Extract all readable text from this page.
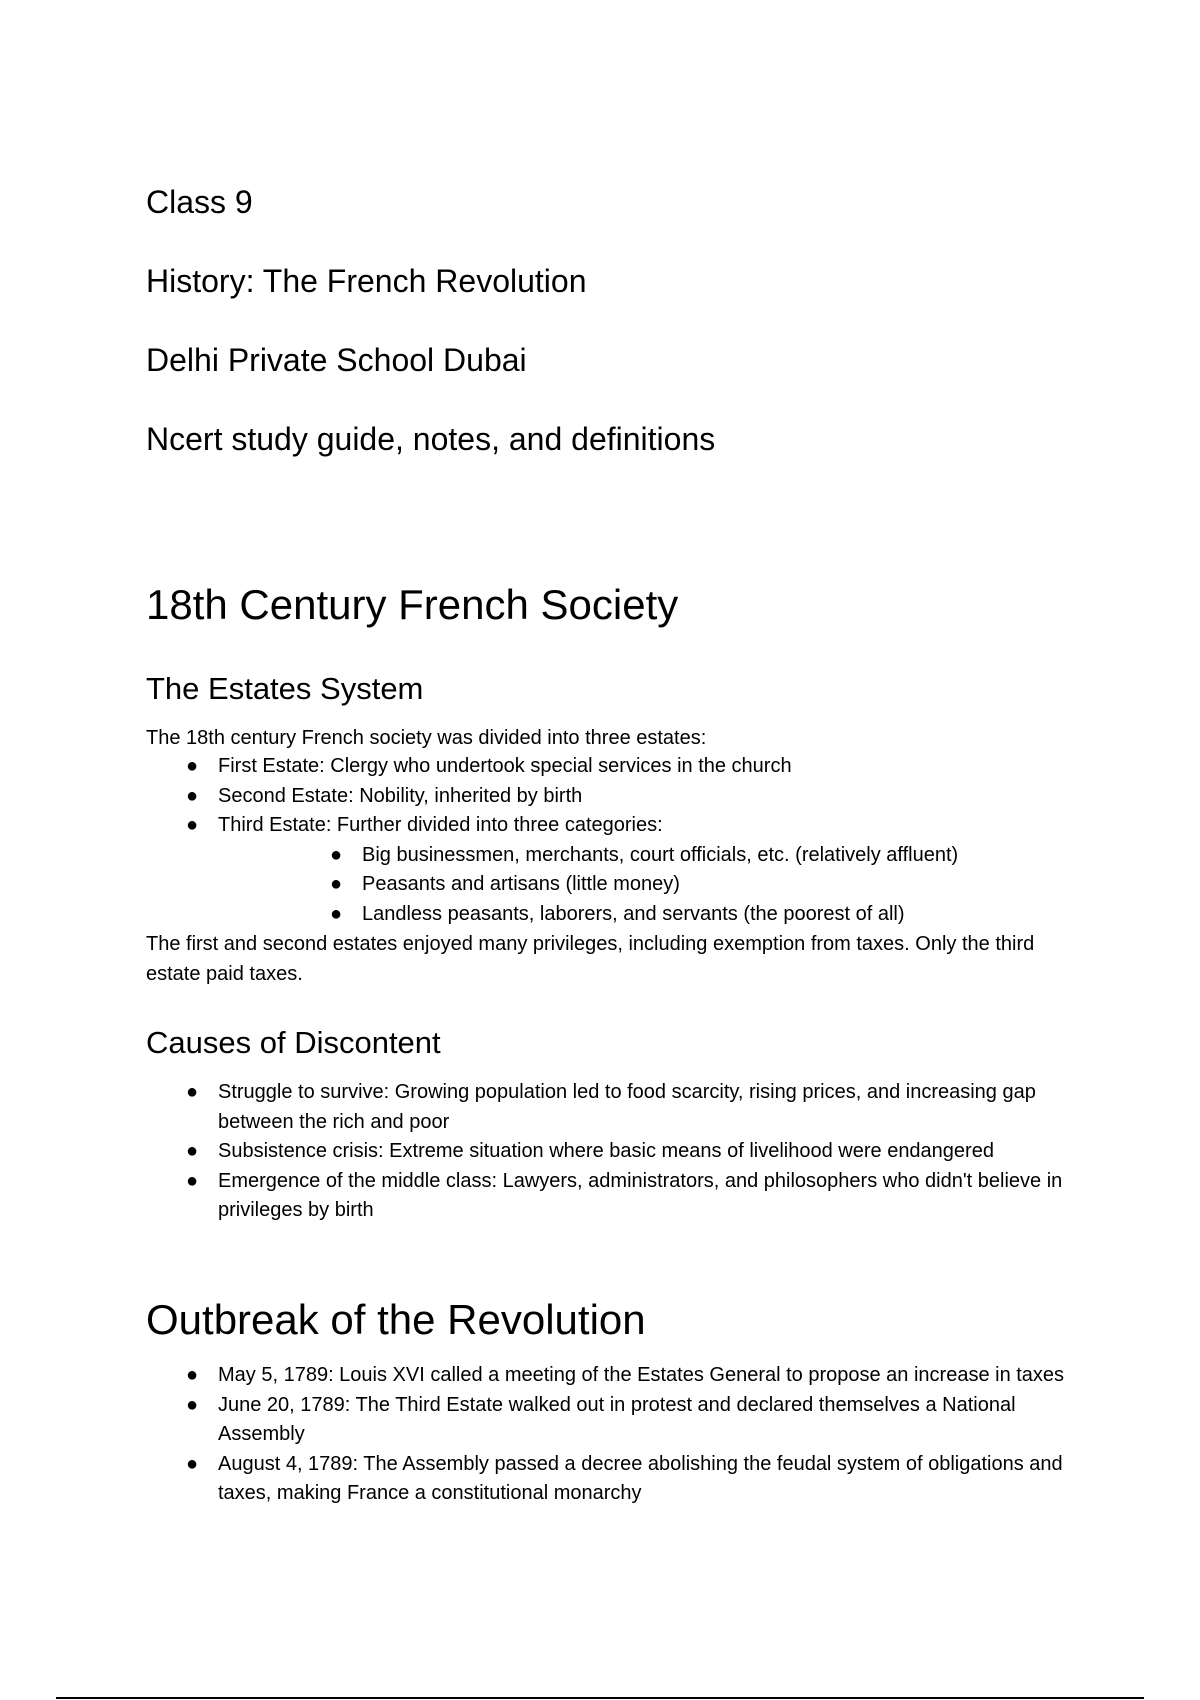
Class 9
History: The French Revolution
Delhi Private School Dubai
Ncert study guide, notes, and definitions
18th Century French Society
The Estates System
The 18th century French society was divided into three estates:
● First Estate: Clergy who undertook special services in the church
● Second Estate: Nobility, inherited by birth
● Third Estate: Further divided into three categories:
● Big businessmen, merchants, court officials, etc. (relatively affluent)
● Peasants and artisans (little money)
● Landless peasants, laborers, and servants (the poorest of all)
The first and second estates enjoyed many privileges, including exemption from taxes. Only the third estate paid taxes.
Causes of Discontent
● Struggle to survive: Growing population led to food scarcity, rising prices, and increasing gap between the rich and poor
● Subsistence crisis: Extreme situation where basic means of livelihood were endangered
● Emergence of the middle class: Lawyers, administrators, and philosophers who didn't believe in privileges by birth
Outbreak of the Revolution
● May 5, 1789: Louis XVI called a meeting of the Estates General to propose an increase in taxes
● June 20, 1789: The Third Estate walked out in protest and declared themselves a National Assembly
● August 4, 1789: The Assembly passed a decree abolishing the feudal system of obligations and taxes, making France a constitutional monarchy
